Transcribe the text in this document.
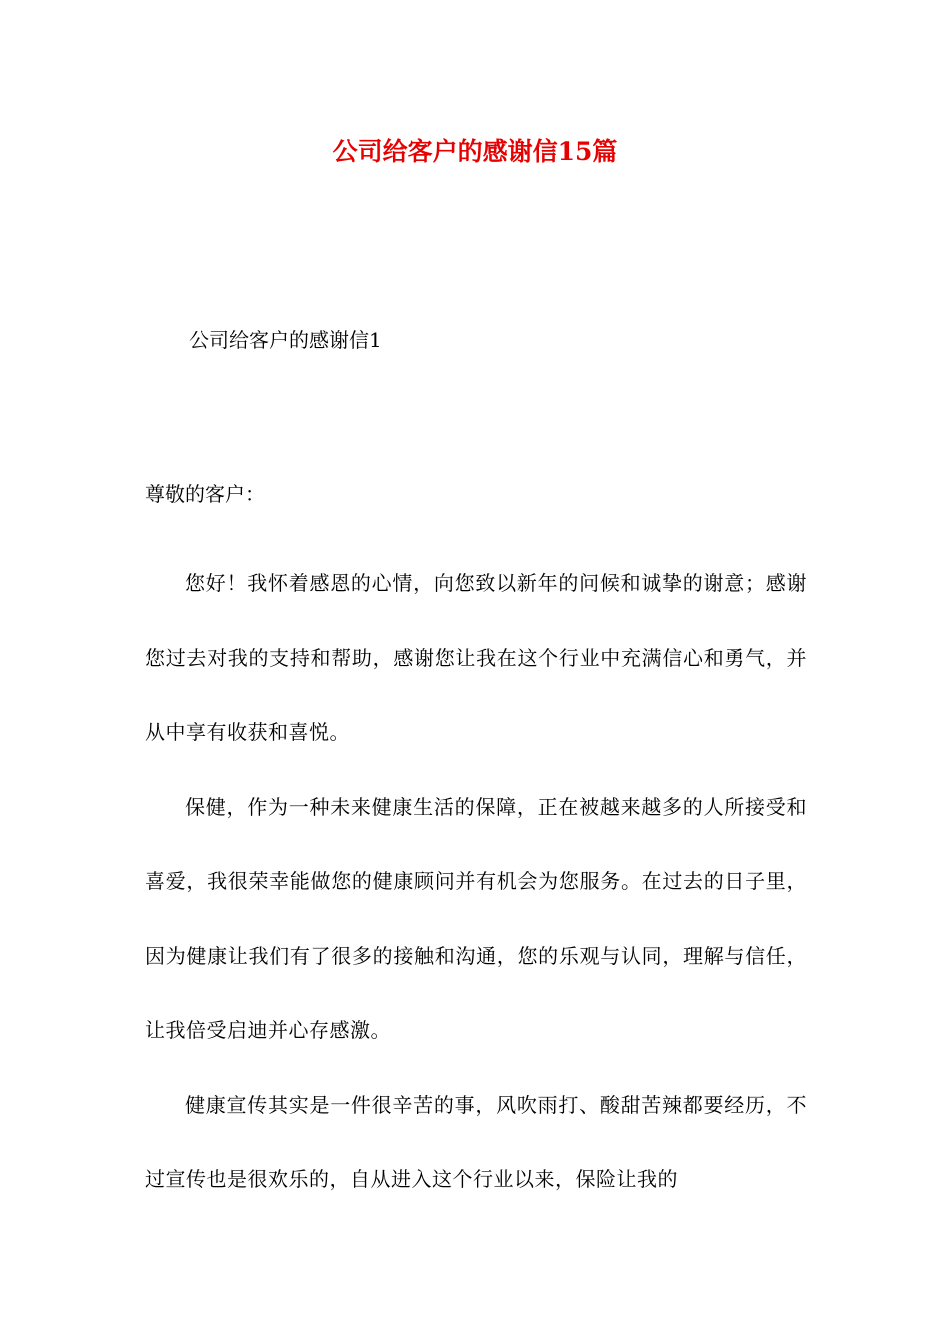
公司给客户的感谢信15篇

公司给客户的感谢信1

尊敬的客户：

您好！我怀着感恩的心情，向您致以新年的问候和诚挚的谢意；感谢您过去对我的支持和帮助，感谢您让我在这个行业中充满信心和勇气，并从中享有收获和喜悦。

保健，作为一种未来健康生活的保障，正在被越来越多的人所接受和喜爱，我很荣幸能做您的健康顾问并有机会为您服务。在过去的日子里，因为健康让我们有了很多的接触和沟通，您的乐观与认同，理解与信任，让我倍受启迪并心存感激。

健康宣传其实是一件很辛苦的事，风吹雨打、酸甜苦辣都要经历，不过宣传也是很欢乐的，自从进入这个行业以来，保险让我的
